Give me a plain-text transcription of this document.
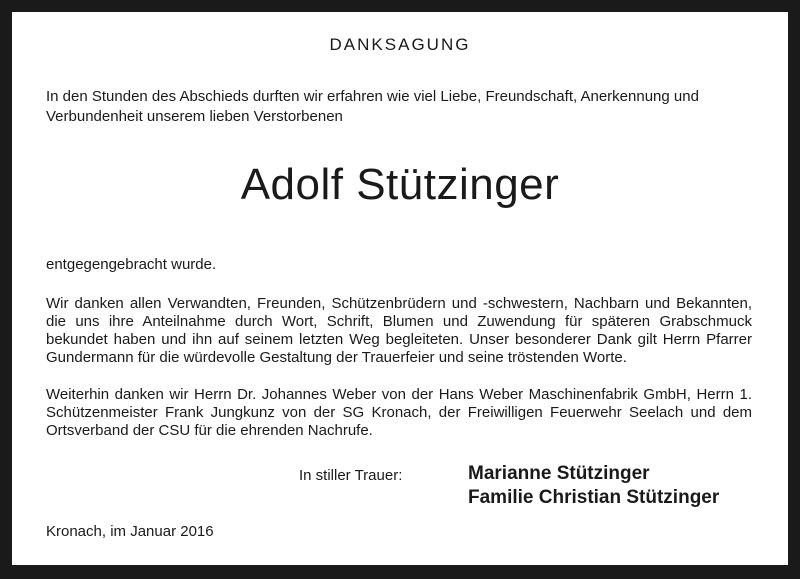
DANKSAGUNG
In den Stunden des Abschieds durften wir erfahren wie viel Liebe, Freundschaft, Anerkennung und Verbundenheit unserem lieben Verstorbenen
Adolf Stützinger
entgegengebracht wurde.
Wir danken allen Verwandten, Freunden, Schützenbrüdern und -schwestern, Nachbarn und Bekannten, die uns ihre Anteilnahme durch Wort, Schrift, Blumen und Zuwendung für späteren Grabschmuck bekundet haben und ihn auf seinem letzten Weg begleiteten. Unser besonderer Dank gilt Herrn Pfarrer Gundermann für die würdevolle Gestaltung der Trauerfeier und seine tröstenden Worte.
Weiterhin danken wir Herrn Dr. Johannes Weber von der Hans Weber Maschinenfabrik GmbH, Herrn 1. Schützenmeister Frank Jungkunz von der SG Kronach, der Freiwilligen Feuerwehr Seelach und dem Ortsverband der CSU für die ehrenden Nachrufe.
In stiller Trauer:	Marianne Stützinger
Familie Christian Stützinger
Kronach, im Januar 2016
